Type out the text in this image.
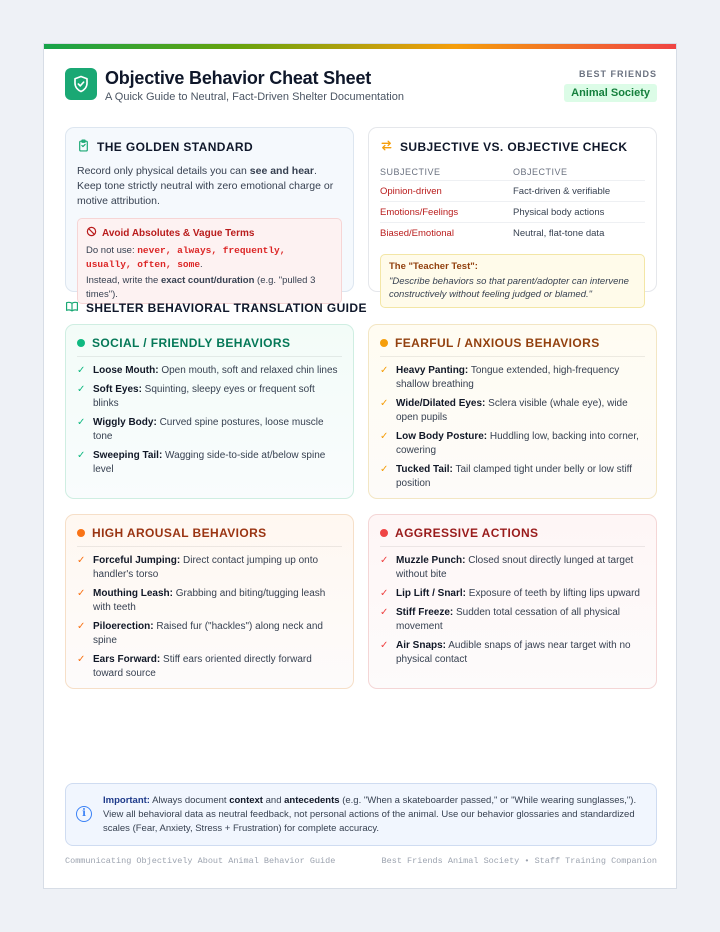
Objective Behavior Cheat Sheet
A Quick Guide to Neutral, Fact-Driven Shelter Documentation
BEST FRIENDS
Animal Society
THE GOLDEN STANDARD

Record only physical details you can see and hear. Keep tone strictly neutral with zero emotional charge or motive attribution.

Avoid Absolutes & Vague Terms
Do not use: never, always, frequently, usually, often, some.
Instead, write the exact count/duration (e.g. "pulled 3 times").
SUBJECTIVE VS. OBJECTIVE CHECK
SUBJECTIVE	OBJECTIVE
Opinion-driven	Fact-driven & verifiable
Emotions/Feelings	Physical body actions
Biased/Emotional	Neutral, flat-tone data
The "Teacher Test":
"Describe behaviors so that parent/adopter can intervene constructively without feeling judged or blamed."
SHELTER BEHAVIORAL TRANSLATION GUIDE
SOCIAL / FRIENDLY BEHAVIORS
✓ Loose Mouth: Open mouth, soft and relaxed chin lines
✓ Soft Eyes: Squinting, sleepy eyes or frequent soft blinks
✓ Wiggly Body: Curved spine postures, loose muscle tone
✓ Sweeping Tail: Wagging side-to-side at/below spine level
FEARFUL / ANXIOUS BEHAVIORS
✓ Heavy Panting: Tongue extended, high-frequency shallow breathing
✓ Wide/Dilated Eyes: Sclera visible (whale eye), wide open pupils
✓ Low Body Posture: Huddling low, backing into corner, cowering
✓ Tucked Tail: Tail clamped tight under belly or low stiff position
HIGH AROUSAL BEHAVIORS
✓ Forceful Jumping: Direct contact jumping up onto handler's torso
✓ Mouthing Leash: Grabbing and biting/tugging leash with teeth
✓ Piloerection: Raised fur ("hackles") along neck and spine
✓ Ears Forward: Stiff ears oriented directly forward toward source
AGGRESSIVE ACTIONS
✓ Muzzle Punch: Closed snout directly lunged at target without bite
✓ Lip Lift / Snarl: Exposure of teeth by lifting lips upward
✓ Stiff Freeze: Sudden total cessation of all physical movement
✓ Air Snaps: Audible snaps of jaws near target with no physical contact
i
Important: Always document context and antecedents (e.g. "When a skateboarder passed," or "While wearing sunglasses,"). View all behavioral data as neutral feedback, not personal actions of the animal. Use our behavior glossaries and standardized scales (Fear, Anxiety, Stress + Frustration) for complete accuracy.
Communicating Objectively About Animal Behavior Guide	Best Friends Animal Society • Staff Training Companion
